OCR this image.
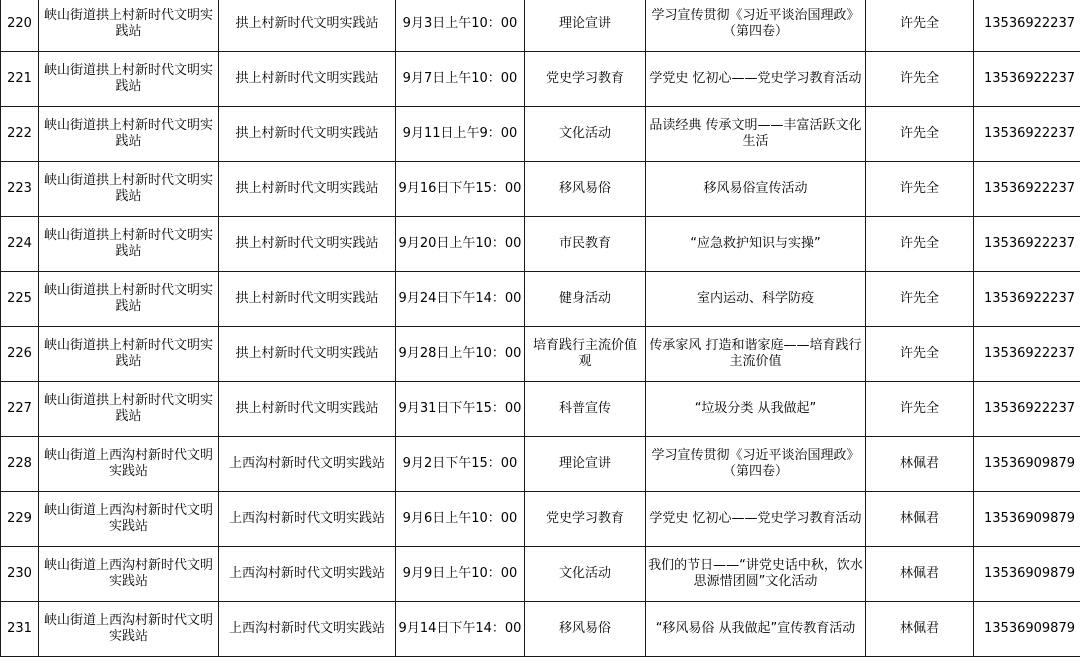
220	峡山街道拱上村新时代文明实践站	拱上村新时代文明实践站	9月3日上午10：00	理论宣讲	学习宣传贯彻《习近平谈治国理政》（第四卷）	许先全	13536922237
221	峡山街道拱上村新时代文明实践站	拱上村新时代文明实践站	9月7日上午10：00	党史学习教育	学党史 忆初心——党史学习教育活动	许先全	13536922237
222	峡山街道拱上村新时代文明实践站	拱上村新时代文明实践站	9月11日上午9：00	文化活动	品读经典 传承文明——丰富活跃文化生活	许先全	13536922237
223	峡山街道拱上村新时代文明实践站	拱上村新时代文明实践站	9月16日下午15：00	移风易俗	移风易俗宣传活动	许先全	13536922237
224	峡山街道拱上村新时代文明实践站	拱上村新时代文明实践站	9月20日上午10：00	市民教育	“应急救护知识与实操”	许先全	13536922237
225	峡山街道拱上村新时代文明实践站	拱上村新时代文明实践站	9月24日下午14：00	健身活动	室内运动、科学防疫	许先全	13536922237
226	峡山街道拱上村新时代文明实践站	拱上村新时代文明实践站	9月28日上午10：00	培育践行主流价值观	传承家风 打造和谐家庭——培育践行主流价值	许先全	13536922237
227	峡山街道拱上村新时代文明实践站	拱上村新时代文明实践站	9月31日下午15：00	科普宣传	“垃圾分类 从我做起”	许先全	13536922237
228	峡山街道上西沟村新时代文明实践站	上西沟村新时代文明实践站	9月2日下午15：00	理论宣讲	学习宣传贯彻《习近平谈治国理政》（第四卷）	林佩君	13536909879
229	峡山街道上西沟村新时代文明实践站	上西沟村新时代文明实践站	9月6日上午10：00	党史学习教育	学党史 忆初心——党史学习教育活动	林佩君	13536909879
230	峡山街道上西沟村新时代文明实践站	上西沟村新时代文明实践站	9月9日上午10：00	文化活动	我们的节日——“讲党史话中秋，饮水思源惜团圆”文化活动	林佩君	13536909879
231	峡山街道上西沟村新时代文明实践站	上西沟村新时代文明实践站	9月14日下午14：00	移风易俗	“移风易俗 从我做起”宣传教育活动	林佩君	13536909879
